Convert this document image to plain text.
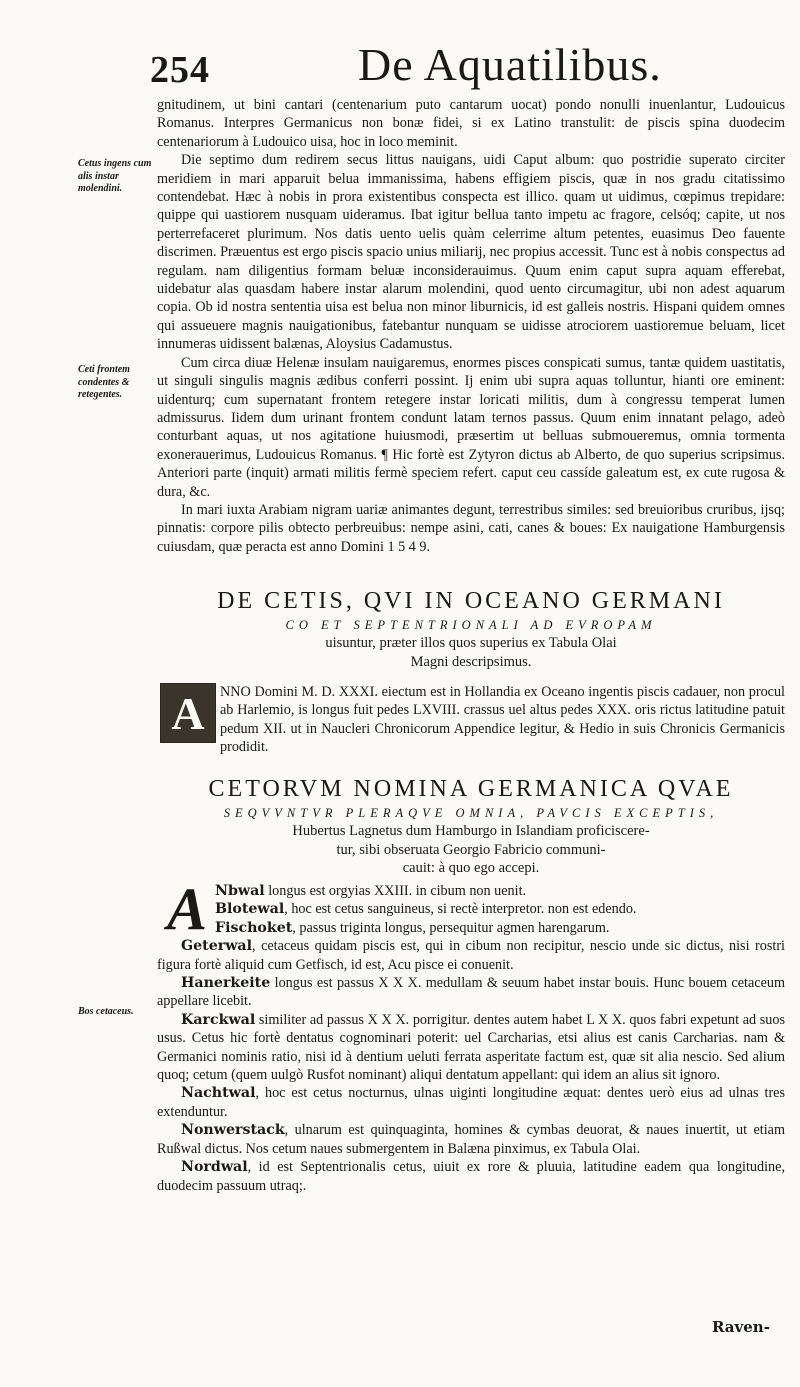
254	De Aquatilibus.

gnitudinem, ut bini cantari (centenarium puto cantarum uocat) pondo nonulli inuenlantur, Ludouicus Romanus. Interpres Germanicus non bonæ fidei, si ex Latino transtulit: de piscis spina duodecim centenariorum à Ludouico uisa, hoc in loco meminit.

Die septimo dum redirem secus littus nauigans, uidi Caput album: quo postridie superato circiter meridiem in mari apparuit belua immanissima, habens effigiem piscis, quæ in nos gradu citatissimo contendebat. Hæc à nobis in prora existentibus conspecta est illico. quam ut uidimus, cœpimus trepidare: quippe qui uastiorem nusquam uideramus. Ibat igitur bellua tanto impetu ac fragore, celsóq; capite, ut nos perterrefaceret plurimum. Nos datis uento uelis quàm celerrime altum petentes, euasimus Deo fauente discrimen. Præuentus est ergo piscis spacio unius miliarij, nec propius accessit. Tunc est à nobis conspectus ad regulam. nam diligentius formam beluæ inconsiderauimus. Quum enim caput supra aquam efferebat, uidebatur alas quasdam habere instar alarum molendini, quod uento circumagitur, ubi non adest aquarum copia. Ob id nostra sententia uisa est belua non minor liburnicis, id est galleis nostris. Hispani quidem omnes qui assueuere magnis nauigationibus, fatebantur nunquam se uidisse atrociorem uastioremue beluam, licet innumeras uidissent balænas, Aloysius Cadamustus.

Cum circa diuæ Helenæ insulam nauigaremus, enormes pisces conspicati sumus, tantæ quidem uastitatis, ut singuli singulis magnis ædibus conferri possint. Ij enim ubi supra aquas tolluntur, hianti ore eminent: uidenturq; cum supernatant frontem retegere instar loricati militis, dum à congressu temperat lumen admissurus. Iidem dum urinant frontem condunt latam ternos passus. Quum enim innatant pelago, adeò conturbant aquas, ut nos agitatione huiusmodi, præsertim ut belluas submoueremus, omnia tormenta exonerauerimus, Ludouicus Romanus. ¶ Hic fortè est Zytyron dictus ab Alberto, de quo superius scripsimus. Anteriori parte (inquit) armati militis fermè speciem refert. caput ceu cassíde galeatum est, ex cute rugosa & dura, &c.

In mari iuxta Arabiam nigram uariæ animantes degunt, terrestribus similes: sed breuioribus cruribus, ijsq; pinnatis: corpore pilis obtecto perbreuibus: nempe asini, cati, canes & boues: Ex nauigatione Hamburgensis cuiusdam, quæ peracta est anno Domini 1 5 4 9.

Cetus ingens cum alis instar molendini.
Ceti frontem condentes & retegentes.
Bos cetaceus.
DE CETIS, QVI IN OCEANO GERMANI
CO ET SEPTENTRIONALI AD EVROPAM
uisuntur, præter illos quos superius ex Tabula Olai
Magni descripsimus.
A	NNO Domini M. D. XXXI. eiectum est in Hollandia ex Oceano ingentis piscis cadauer, non procul ab Harlemio, is longus fuit pedes LXVIII. crassus uel altus pedes XXX. oris rictus latitudine patuit pedum XII. ut in Naucleri Chronicorum Appendice legitur, & Hedio in suis Chronicis Germanicis prodidit.

CETORVM NOMINA GERMANICA QVAE
SEQVVNTVR PLERAQVE OMNIA, PAVCIS EXCEPTIS,
Hubertus Lagnetus dum Hamburgo in Islandiam proficiscere-
tur, sibi obseruata Georgio Fabricio communi-
cauit: à quo ego accepi.
A Nbwal longus est orgyias XXIII. in cibum non uenit.

Blotewal, hoc est cetus sanguineus, si rectè interpretor. non est edendo.

Fischoket, passus triginta longus, persequitur agmen harengarum.

Geterwal, cetaceus quidam piscis est, qui in cibum non recipitur, nescio unde sic dictus, nisi rostri figura fortè aliquid cum Getfisch, id est, Acu pisce ei conuenit.

Hanerkeite longus est passus X X X. medullam & seuum habet instar bouis. Hunc bouem cetaceum appellare licebit.

Karckwal similiter ad passus X X X. porrigitur. dentes autem habet L X X. quos fabri expetunt ad suos usus. Cetus hic fortè dentatus cognominari poterit: uel Carcharias, etsi alius est canis Carcharias. nam & Germanici nominis ratio, nisi id à dentium ueluti ferrata asperitate factum est, quæ sit alia nescio. Sed alium quoq; cetum (quem uulgò Rusfot nominant) aliqui dentatum appellant: qui idem an alius sit ignoro.

Nachtwal, hoc est cetus nocturnus, ulnas uiginti longitudine æquat: dentes uerò eius ad ulnas tres extenduntur.

Nonwerstack, ulnarum est quinquaginta, homines & cymbas deuorat, & naues inuertit, ut etiam Rußwal dictus. Nos cetum naues submergentem in Balæna pinximus, ex Tabula Olai.

Nordwal, id est Septentrionalis cetus, uiuit ex rore & pluuia, latitudine eadem qua longitudine, duodecim passuum utraq;.

Raven-
